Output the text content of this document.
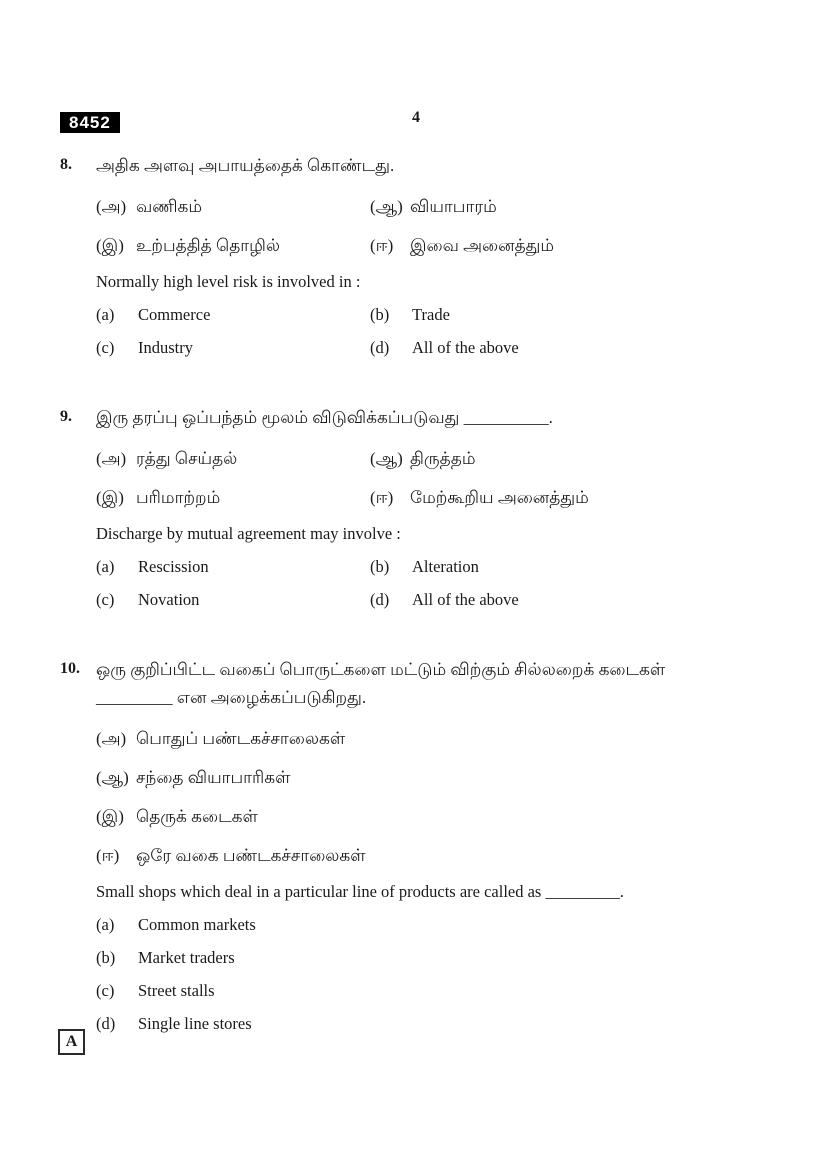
8452	4
8.	அதிக அளவு அபாயத்தைக் கொண்டது.
(அ) வணிகம்	(ஆ) வியாபாரம்
(இ) உற்பத்தித் தொழில்	(ஈ) இவை அனைத்தும்
Normally high level risk is involved in :
(a)	Commerce	(b)	Trade
(c)	Industry	(d)	All of the above
9.	இரு தரப்பு ஒப்பந்தம் மூலம் விடுவிக்கப்படுவது __________.
(அ) ரத்து செய்தல்	(ஆ) திருத்தம்
(இ) பரிமாற்றம்	(ஈ) மேற்கூறிய அனைத்தும்
Discharge by mutual agreement may involve :
(a)	Rescission	(b)	Alteration
(c)	Novation	(d)	All of the above
10. ஒரு குறிப்பிட்ட வகைப் பொருட்களை மட்டும் விற்கும் சில்லறைக் கடைகள் _________ என அழைக்கப்படுகிறது.
(அ) பொதுப் பண்டகச்சாலைகள்
(ஆ) சந்தை வியாபாரிகள்
(இ) தெருக் கடைகள்
(ஈ) ஒரே வகை பண்டகச்சாலைகள்
Small shops which deal in a particular line of products are called as _________.
(a)	Common markets
(b)	Market traders
(c)	Street stalls
(d)	Single line stores
A
